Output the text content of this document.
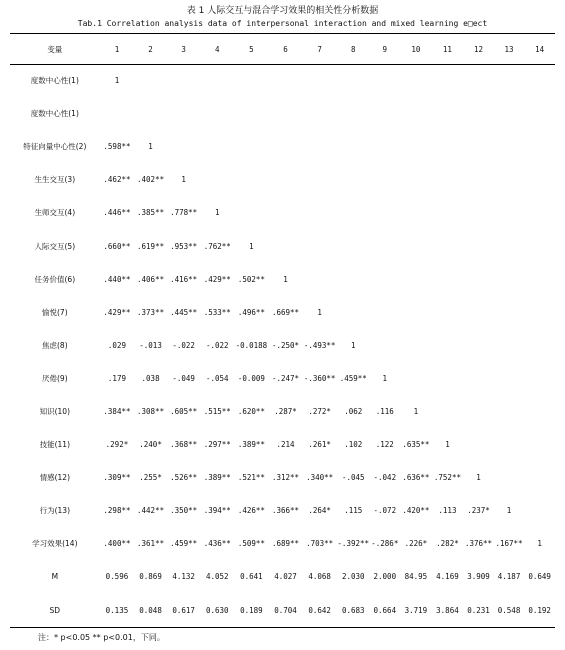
表 1 人际交互与混合学习效果的相关性分析数据
Tab.1 Correlation analysis data of interpersonal interaction and mixed learning e□ect
变量	1	2	3	4	5	6	7	8	9	10	11	12	13	14
度数中心性(1)	1													
度数中心性(1)														
特征向量中心性(2)	.598**	1												
生生交互(3)	.462**	.402**	1											
生师交互(4)	.446**	.385**	.778**	1										
人际交互(5)	.660**	.619**	.953**	.762**	1									
任务价值(6)	.440**	.406**	.416**	.429**	.502**	1								
愉悦(7)	.429**	.373**	.445**	.533**	.496**	.669**	1							
焦虑(8)	.029	-.013	-.022	-.022	-0.0188	-.250*	-.493**	1						
厌倦(9)	.179	.038	-.049	-.054	-0.009	-.247*	-.360**	.459**	1					
知识(10)	.384**	.308**	.605**	.515**	.620**	.287*	.272*	.062	.116	1				
技能(11)	.292*	.240*	.368**	.297**	.389**	.214	.261*	.102	.122	.635**	1			
情感(12)	.309**	.255*	.526**	.389**	.521**	.312**	.340**	-.045	-.042	.636**	.752**	1		
行为(13)	.298**	.442**	.350**	.394**	.426**	.366**	.264*	.115	-.072	.420**	.113	.237*	1	
学习效果(14)	.400**	.361**	.459**	.436**	.509**	.689**	.703**	-.392**	-.286*	.226*	.282*	.376**	.167**	1
M	0.596	0.869	4.132	4.052	0.641	4.027	4.068	2.030	2.000	84.95	4.169	3.909	4.187	0.649
SD	0.135	0.048	0.617	0.630	0.189	0.704	0.642	0.683	0.664	3.719	3.864	0.231	0.548	0.192
注：* p<0.05 ** p<0.01，下同。
